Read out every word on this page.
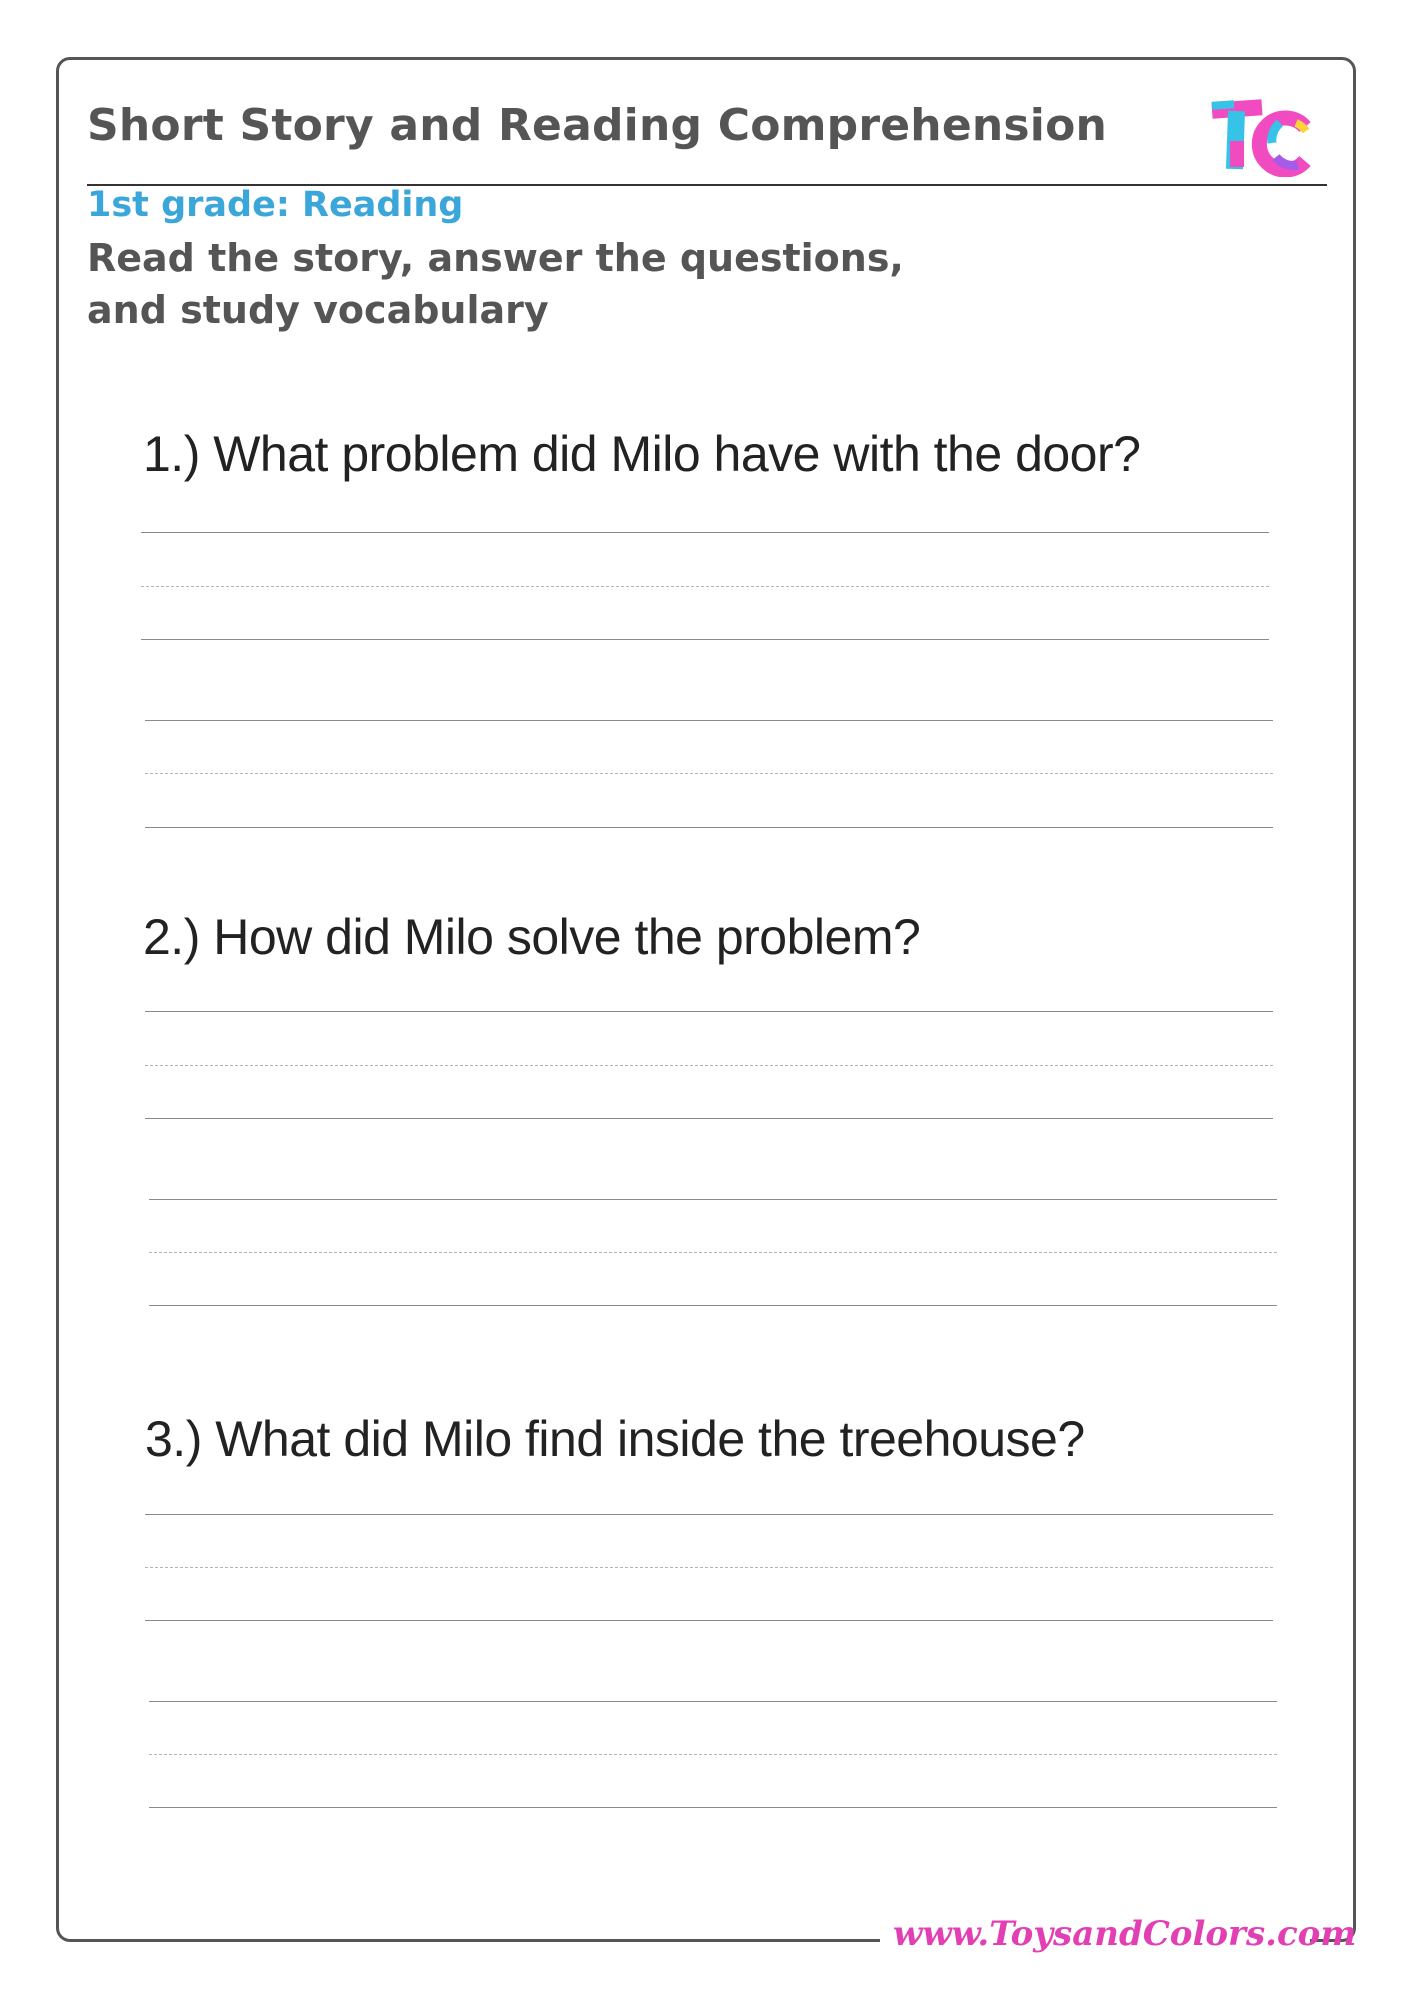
Short Story and Reading Comprehension
1st grade: Reading
Read the story, answer the questions,
and study vocabulary
1.) What problem did Milo have with the door?
2.) How did Milo solve the problem?
3.) What did Milo find inside the treehouse?
www.ToysandColors.com
